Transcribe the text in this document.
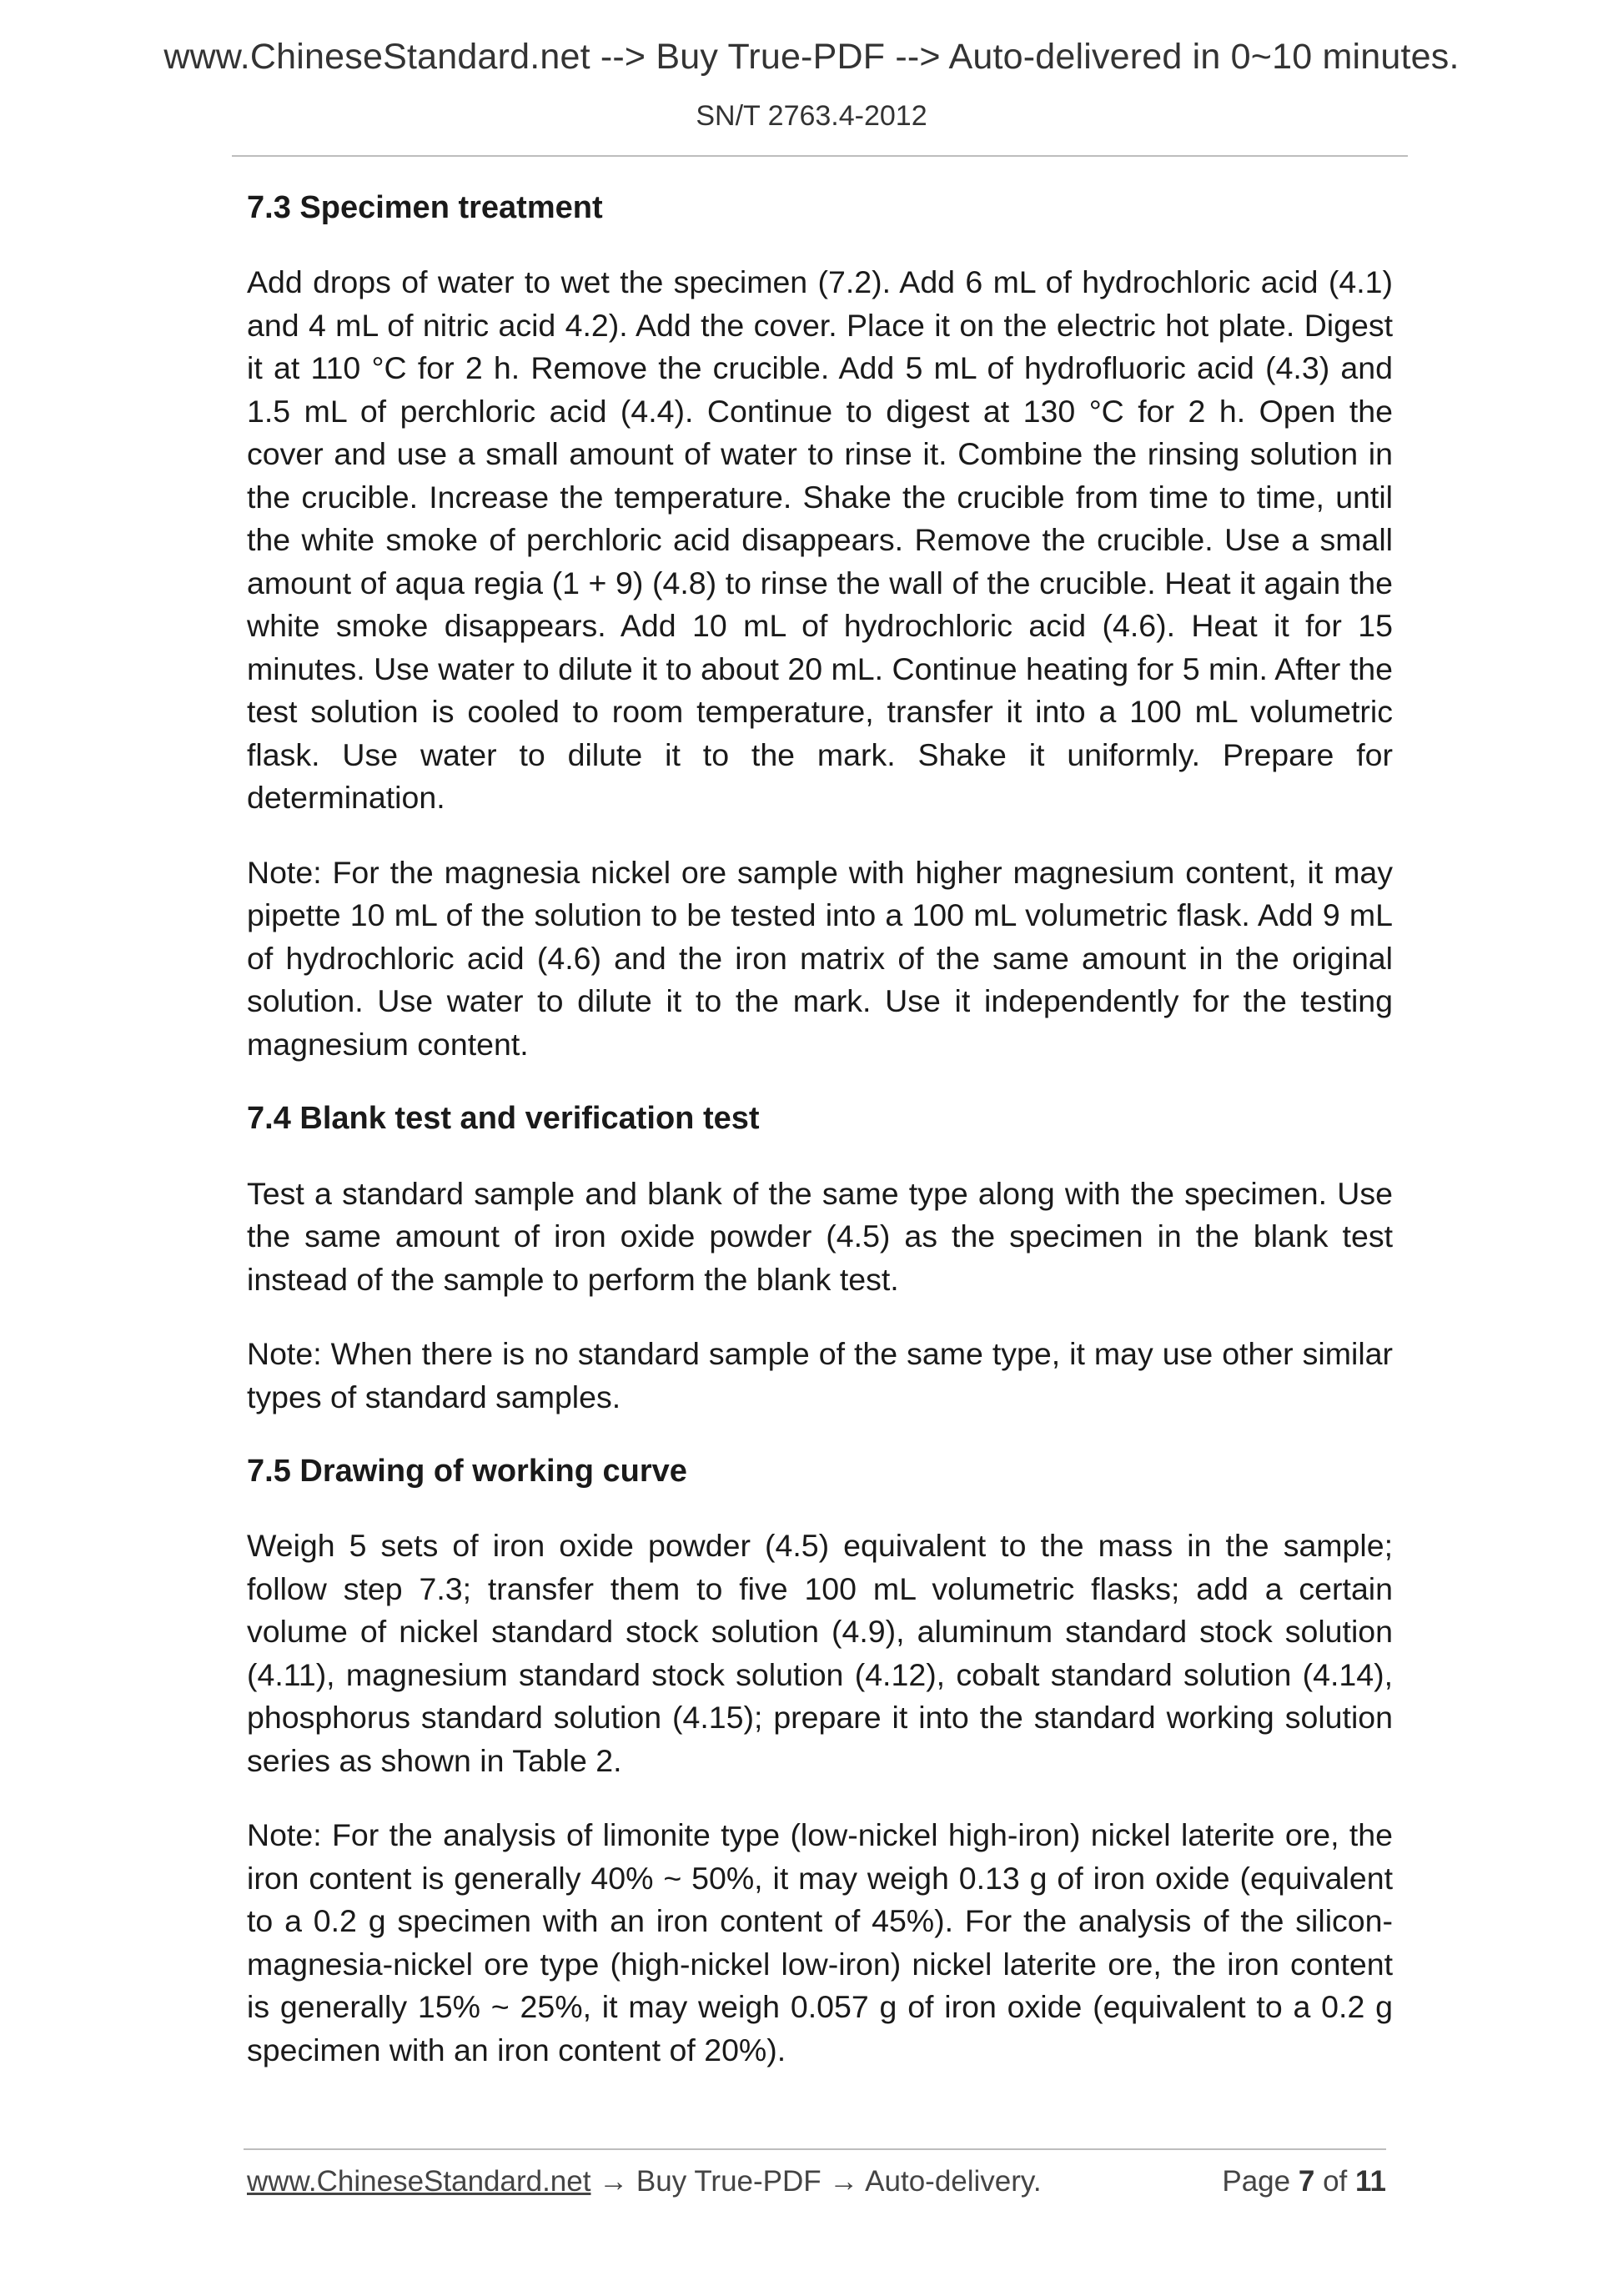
www.ChineseStandard.net --> Buy True-PDF --> Auto-delivered in 0~10 minutes.
SN/T 2763.4-2012
7.3 Specimen treatment

Add drops of water to wet the specimen (7.2). Add 6 mL of hydrochloric acid (4.1) and 4 mL of nitric acid 4.2). Add the cover. Place it on the electric hot plate. Digest it at 110 °C for 2 h. Remove the crucible. Add 5 mL of hydrofluoric acid (4.3) and 1.5 mL of perchloric acid (4.4). Continue to digest at 130 °C for 2 h. Open the cover and use a small amount of water to rinse it. Combine the rinsing solution in the crucible. Increase the temperature. Shake the crucible from time to time, until the white smoke of perchloric acid disappears. Remove the crucible. Use a small amount of aqua regia (1 + 9) (4.8) to rinse the wall of the crucible. Heat it again the white smoke disappears. Add 10 mL of hydrochloric acid (4.6). Heat it for 15 minutes. Use water to dilute it to about 20 mL. Continue heating for 5 min. After the test solution is cooled to room temperature, transfer it into a 100 mL volumetric flask. Use water to dilute it to the mark. Shake it uniformly. Prepare for determination.

Note: For the magnesia nickel ore sample with higher magnesium content, it may pipette 10 mL of the solution to be tested into a 100 mL volumetric flask. Add 9 mL of hydrochloric acid (4.6) and the iron matrix of the same amount in the original solution. Use water to dilute it to the mark. Use it independently for the testing magnesium content.

7.4 Blank test and verification test

Test a standard sample and blank of the same type along with the specimen. Use the same amount of iron oxide powder (4.5) as the specimen in the blank test instead of the sample to perform the blank test.

Note: When there is no standard sample of the same type, it may use other similar types of standard samples.

7.5 Drawing of working curve

Weigh 5 sets of iron oxide powder (4.5) equivalent to the mass in the sample; follow step 7.3; transfer them to five 100 mL volumetric flasks; add a certain volume of nickel standard stock solution (4.9), aluminum standard stock solution (4.11), magnesium standard stock solution (4.12), cobalt standard solution (4.14), phosphorus standard solution (4.15); prepare it into the standard working solution series as shown in Table 2.

Note: For the analysis of limonite type (low-nickel high-iron) nickel laterite ore, the iron content is generally 40% ~ 50%, it may weigh 0.13 g of iron oxide (equivalent to a 0.2 g specimen with an iron content of 45%). For the analysis of the silicon-magnesia-nickel ore type (high-nickel low-iron) nickel laterite ore, the iron content is generally 15% ~ 25%, it may weigh 0.057 g of iron oxide (equivalent to a 0.2 g specimen with an iron content of 20%).

www.ChineseStandard.net → Buy True-PDF → Auto-delivery.	Page 7 of 11
